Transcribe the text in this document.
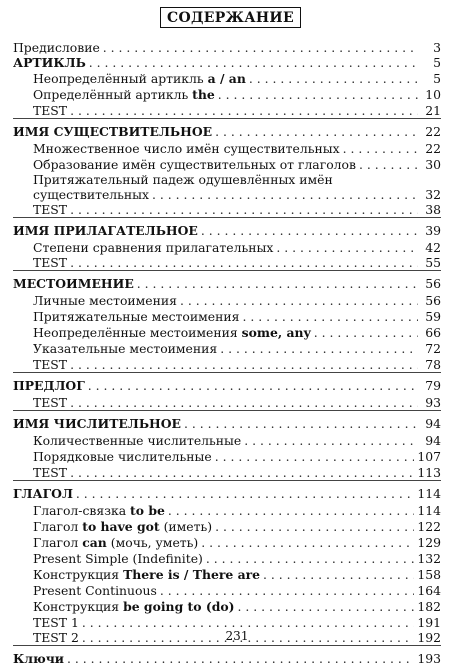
СОДЕРЖАНИЕ
Предисловие . . .	3
АРТИКЛЬ . . .	5
Неопределённый артикль a / an . . .	5
Определённый артикль the . . .	10
TEST . . .	21
ИМЯ СУЩЕСТВИТЕЛЬНОЕ . . .	22
Множественное число имён существительных . . .	22
Образование имён существительных от глаголов . . .	30
Притяжательный падеж одушевлённых имён
существительных . . .	32
TEST . . .	38
ИМЯ ПРИЛАГАТЕЛЬНОЕ . . .	39
Степени сравнения прилагательных . . .	42
TEST . . .	55
МЕСТОИМЕНИЕ . . .	56
Личные местоимения . . .	56
Притяжательные местоимения . . .	59
Неопределённые местоимения some, any . . .	66
Указательные местоимения . . .	72
TEST . . .	78
ПРЕДЛОГ . . .	79
TEST . . .	93
ИМЯ ЧИСЛИТЕЛЬНОЕ . . .	94
Количественные числительные . . .	94
Порядковые числительные . . .	107
TEST . . .	113
ГЛАГОЛ . . .	114
Глагол-связка to be . . .	114
Глагол to have got (иметь) . . .	122
Глагол can (мочь, уметь) . . .	129
Present Simple (Indefinite) . . .	132
Конструкция There is / There are . . .	158
Present Continuous . . .	164
Конструкция be going to (do) . . .	182
TEST 1 . . .	191
TEST 2 . . .	192
Ключи . . .	193
231
